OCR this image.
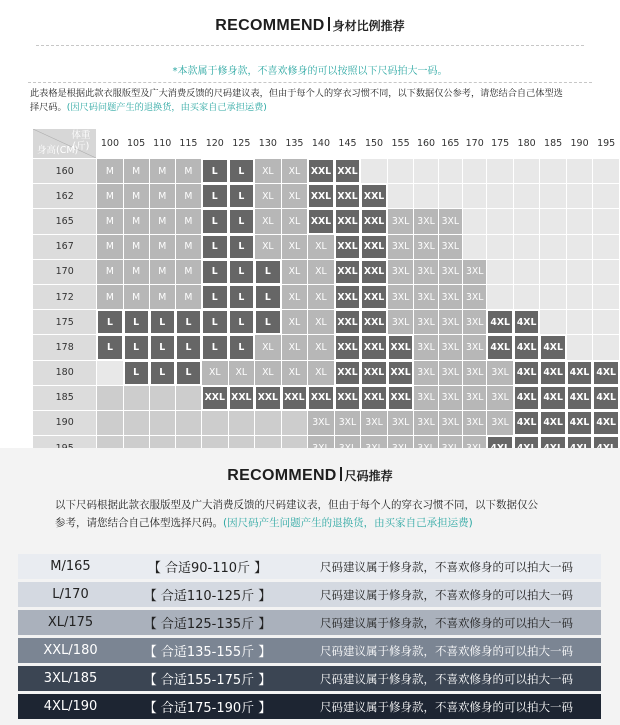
RECOMMEND 身材比例推荐
*本款属于修身款，不喜欢修身的可以按照以下尺码拍大一码。
此表格是根据此款衣服版型及广大消费反馈的尺码建议表，但由于每个人的穿衣习惯不同，以下数据仅公参考，请您结合自己体型选
择尺码。(因尺码问题产生的退换货，由买家自己承担运费)
体重
(斤)
身高(CM)	100	105	110	115	120	125	130	135	140	145	150	155	160	165	170	175	180	185	190	195
160	M	M	M	M	L	L	XL	XL	XXL	XXL										
162	M	M	M	M	L	L	XL	XL	XXL	XXL	XXL									
165	M	M	M	M	L	L	XL	XL	XXL	XXL	XXL	3XL	3XL	3XL						
167	M	M	M	M	L	L	XL	XL	XL	XXL	XXL	3XL	3XL	3XL						
170	M	M	M	M	L	L	L	XL	XL	XXL	XXL	3XL	3XL	3XL	3XL					
172	M	M	M	M	L	L	L	XL	XL	XXL	XXL	3XL	3XL	3XL	3XL					
175	L	L	L	L	L	L	L	XL	XL	XXL	XXL	3XL	3XL	3XL	3XL	4XL	4XL			
178	L	L	L	L	L	L	XL	XL	XL	XXL	XXL	XXL	3XL	3XL	3XL	4XL	4XL	4XL		
180		L	L	L	XL	XL	XL	XL	XL	XXL	XXL	XXL	3XL	3XL	3XL	3XL	4XL	4XL	4XL	4XL
185					XXL	XXL	XXL	XXL	XXL	XXL	XXL	XXL	3XL	3XL	3XL	3XL	4XL	4XL	4XL	4XL
190									3XL	3XL	3XL	3XL	3XL	3XL	3XL	3XL	4XL	4XL	4XL	4XL

RECOMMEND 尺码推荐
以下尺码根据此款衣服版型及广大消费反馈的尺码建议表，但由于每个人的穿衣习惯不同，以下数据仅公
参考，请您结合自己体型选择尺码。(因尺码产生问题产生的退换货，由买家自己承担运费)
M/165	【 合适90-110斤 】	尺码建议属于修身款，不喜欢修身的可以拍大一码
L/170	【 合适110-125斤 】	尺码建议属于修身款，不喜欢修身的可以拍大一码
XL/175	【 合适125-135斤 】	尺码建议属于修身款，不喜欢修身的可以拍大一码
XXL/180	【 合适135-155斤 】	尺码建议属于修身款，不喜欢修身的可以拍大一码
3XL/185	【 合适155-175斤 】	尺码建议属于修身款，不喜欢修身的可以拍大一码
4XL/190	【 合适175-190斤 】	尺码建议属于修身款，不喜欢修身的可以拍大一码
